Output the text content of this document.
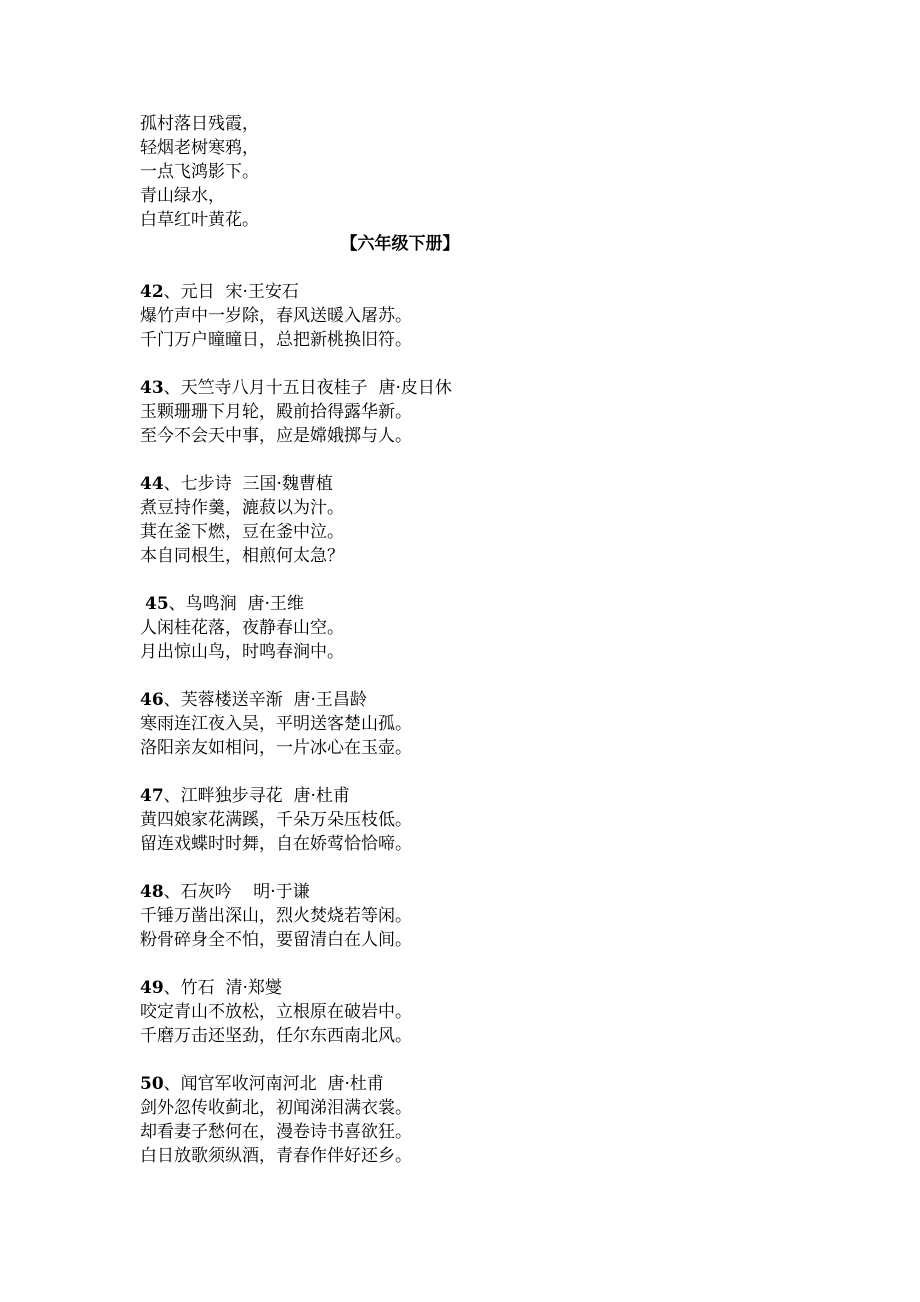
孤村落日残霞，
轻烟老树寒鸦，
一点飞鸿影下。
青山绿水，
白草红叶黄花。
【六年级下册】
42、元日  宋·王安石
爆竹声中一岁除，春风送暖入屠苏。
千门万户曈曈日，总把新桃换旧符。
43、天竺寺八月十五日夜桂子  唐·皮日休
玉颗珊珊下月轮，殿前拾得露华新。
至今不会天中事，应是嫦娥掷与人。
44、七步诗  三国·魏曹植
煮豆持作羹，漉菽以为汁。
萁在釜下燃，豆在釜中泣。
本自同根生，相煎何太急？
45、鸟鸣涧  唐·王维
人闲桂花落，夜静春山空。
月出惊山鸟，时鸣春涧中。
46、芙蓉楼送辛渐  唐·王昌龄
寒雨连江夜入吴，平明送客楚山孤。
洛阳亲友如相问，一片冰心在玉壶。
47、江畔独步寻花  唐·杜甫
黄四娘家花满蹊，千朵万朵压枝低。
留连戏蝶时时舞，自在娇莺恰恰啼。
48、石灰吟    明·于谦
千锤万凿出深山，烈火焚烧若等闲。
粉骨碎身全不怕，要留清白在人间。
49、竹石  清·郑燮
咬定青山不放松，立根原在破岩中。
千磨万击还坚劲，任尔东西南北风。
50、闻官军收河南河北  唐·杜甫
剑外忽传收蓟北，初闻涕泪满衣裳。
却看妻子愁何在，漫卷诗书喜欲狂。
白日放歌须纵酒，青春作伴好还乡。
